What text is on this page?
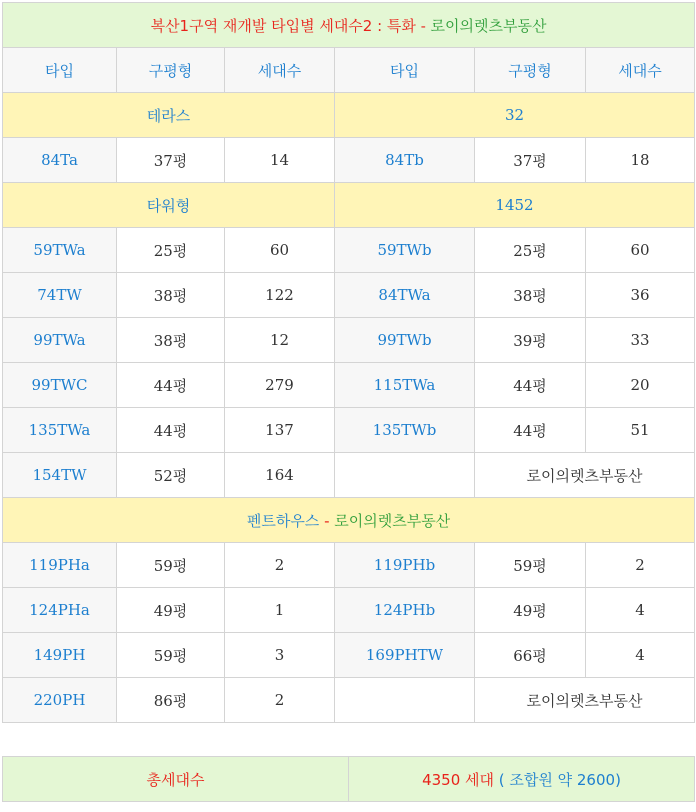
복산1구역 재개발 타입별 세대수2 : 특화 - 로이의렛츠부동산					
타입	구평형	세대수	타입	구평형	세대수
테라스			32		
84Ta	37평	14	84Tb	37평	18
타워형			1452		
59TWa	25평	60	59TWb	25평	60
74TW	38평	122	84TWa	38평	36
99TWa	38평	12	99TWb	39평	33
99TWC	44평	279	115TWa	44평	20
135TWa	44평	137	135TWb	44평	51
154TW	52평	164		로이의렛츠부동산	
펜트하우스 - 로이의렛츠부동산					
119PHa	59평	2	119PHb	59평	2
124PHa	49평	1	124PHb	49평	4
149PH	59평	3	169PHTW	66평	4
220PH	86평	2		로이의렛츠부동산	
총세대수	4350 세대 ( 조합원 약 2600)
